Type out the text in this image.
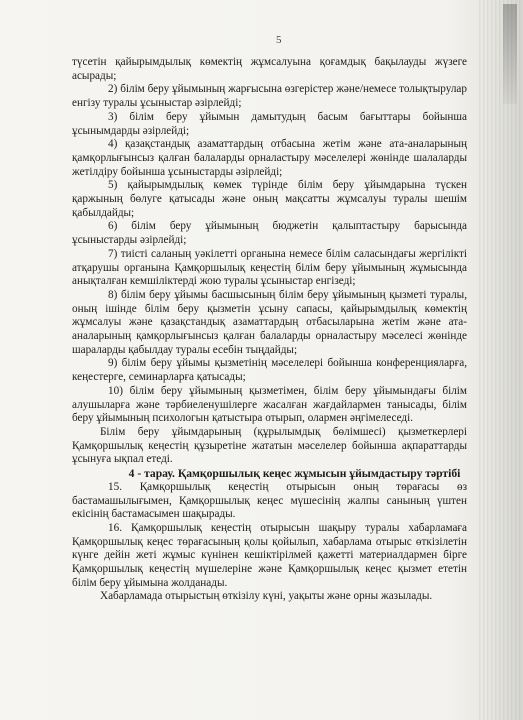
5

түсетін қайырымдылық көмектің жұмсалуына қоғамдық бақылауды жүзеге асырады;

2) білім беру ұйымының жарғысына өзгерістер және/немесе толықтырулар енгізу туралы ұсыныстар әзірлейді;

3) білім беру ұйымын дамытудың басым бағыттары бойынша ұсынымдарды әзірлейді;

4) қазақстандық азаматтардың отбасына жетім және ата-аналарының қамқорлығынсыз қалған балаларды орналастыру мәселелері жөнінде шалаларды жетілдіру бойынша ұсыныстарды әзірлейді;

5) қайырымдылық көмек түрінде білім беру ұйымдарына түскен қаржының бөлуге қатысады және оның мақсатты жұмсалуы туралы шешім қабылдайды;

6) білім беру ұйымының бюджетін қалыптастыру барысында ұсыныстарды әзірлейді;

7) тиісті саланың уәкілетті органына немесе білім саласындағы жергілікті атқарушы органына Қамқоршылық кеңестің білім беру ұйымының жұмысында анықталған кемшіліктерді жою туралы ұсыныстар енгізеді;

8) білім беру ұйымы басшысының білім беру ұйымының қызметі туралы, оның ішінде білім беру қызметін ұсыну сапасы, қайырымдылық көмектің жұмсалуы және қазақстандық азаматтардың отбасыларына жетім және ата-аналарының қамқорлығынсыз қалған балаларды орналастыру мәселесі жөнінде шараларды қабылдау туралы есебін тыңдайды;

9) білім беру ұйымы қызметінің мәселелері бойынша конференцияларға, кеңестерге, семинарларға қатысады;

10) білім беру ұйымының қызметімен, білім беру ұйымындағы білім алушыларға және тәрбиеленушілерге жасалған жағдайлармен танысады, білім беру ұйымының психологын қатыстыра отырып, олармен әңгімелеседі.

Білім беру ұйымдарының (құрылымдық бөлімшесі) қызметкерлері Қамқоршылық кеңестің құзыретіне жататын мәселелер бойынша ақпараттарды ұсынуға ықпал етеді.

4 - тарау. Қамқоршылық кеңес жұмысын ұйымдастыру тәртібі

15. Қамқоршылық кеңестің отырысын оның төрағасы өз бастамашылығымен, Қамқоршылық кеңес мүшесінің жалпы санының үштен екісінің бастамасымен шақырады.

16. Қамқоршылық кеңестің отырысын шақыру туралы хабарламаға Қамқоршылық кеңес төрағасының қолы қойылып, хабарлама отырыс өткізілетін күнге дейін жеті жұмыс күнінен кешіктірілмей қажетті материалдармен бірге Қамқоршылық кеңестің мүшелеріне және Қамқоршылық кеңес қызмет ететін білім беру ұйымына жолданады.

Хабарламада отырыстың өткізілу күні, уақыты және орны жазылады.
